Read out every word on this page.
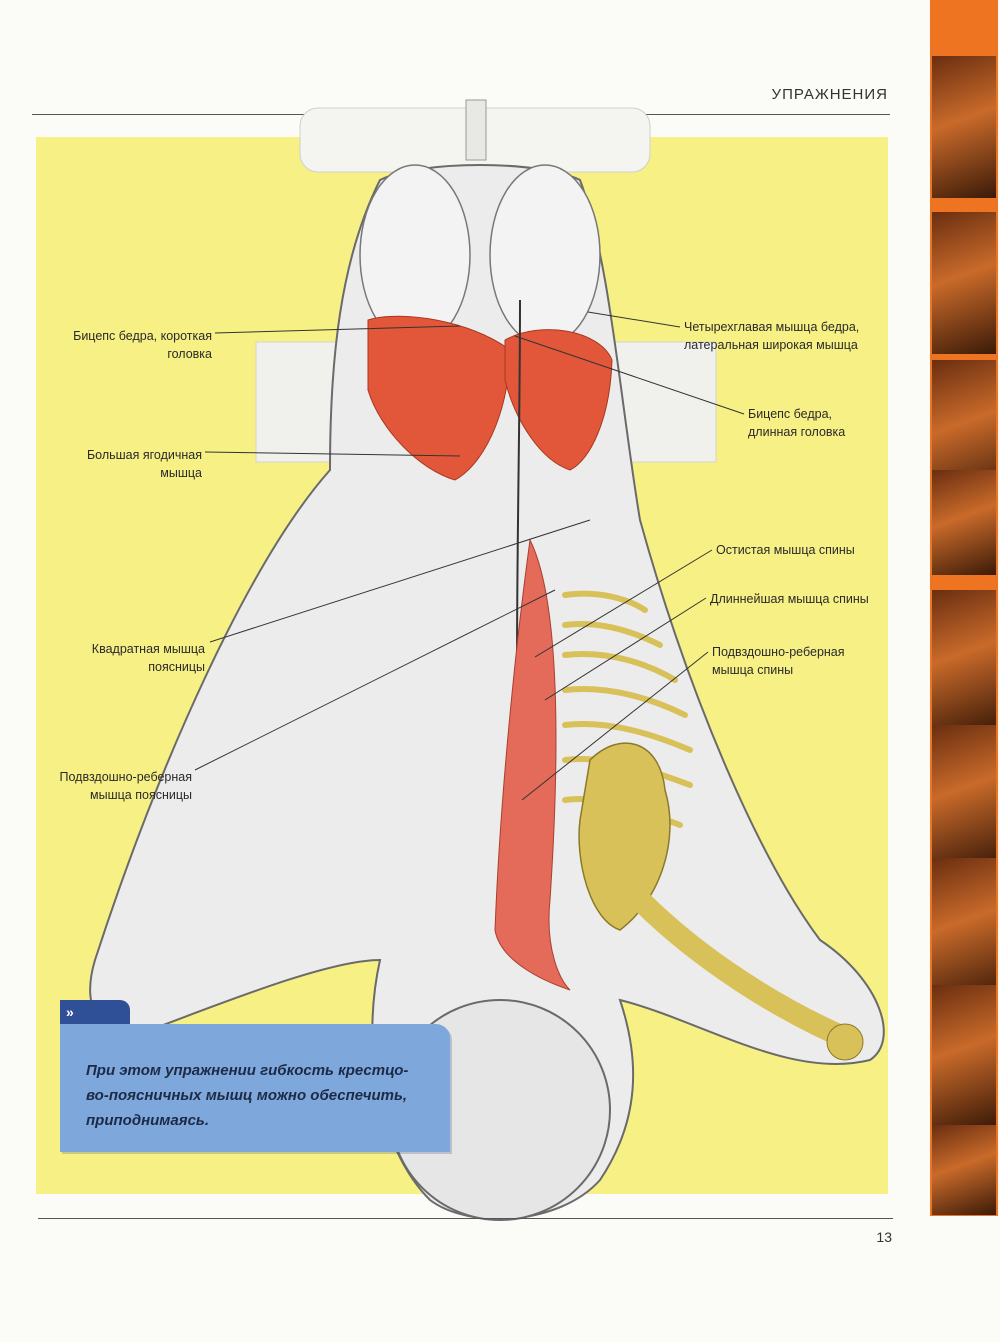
УПРАЖНЕНИЯ
Бицепс бедра, короткая
головка
Большая ягодичная
мышца
Квадратная мышца
поясницы
Подвздошно-реберная
мышца поясницы
Четырехглавая мышца бедра,
латеральная широкая мышца
Бицепс бедра,
длинная головка
Остистая мышца спины
Длиннейшая мышца спины
Подвздошно-реберная
мышца спины
»
При этом упражнении гибкость крестцо-во-поясничных мышц можно обеспечить, приподнимаясь.
13
